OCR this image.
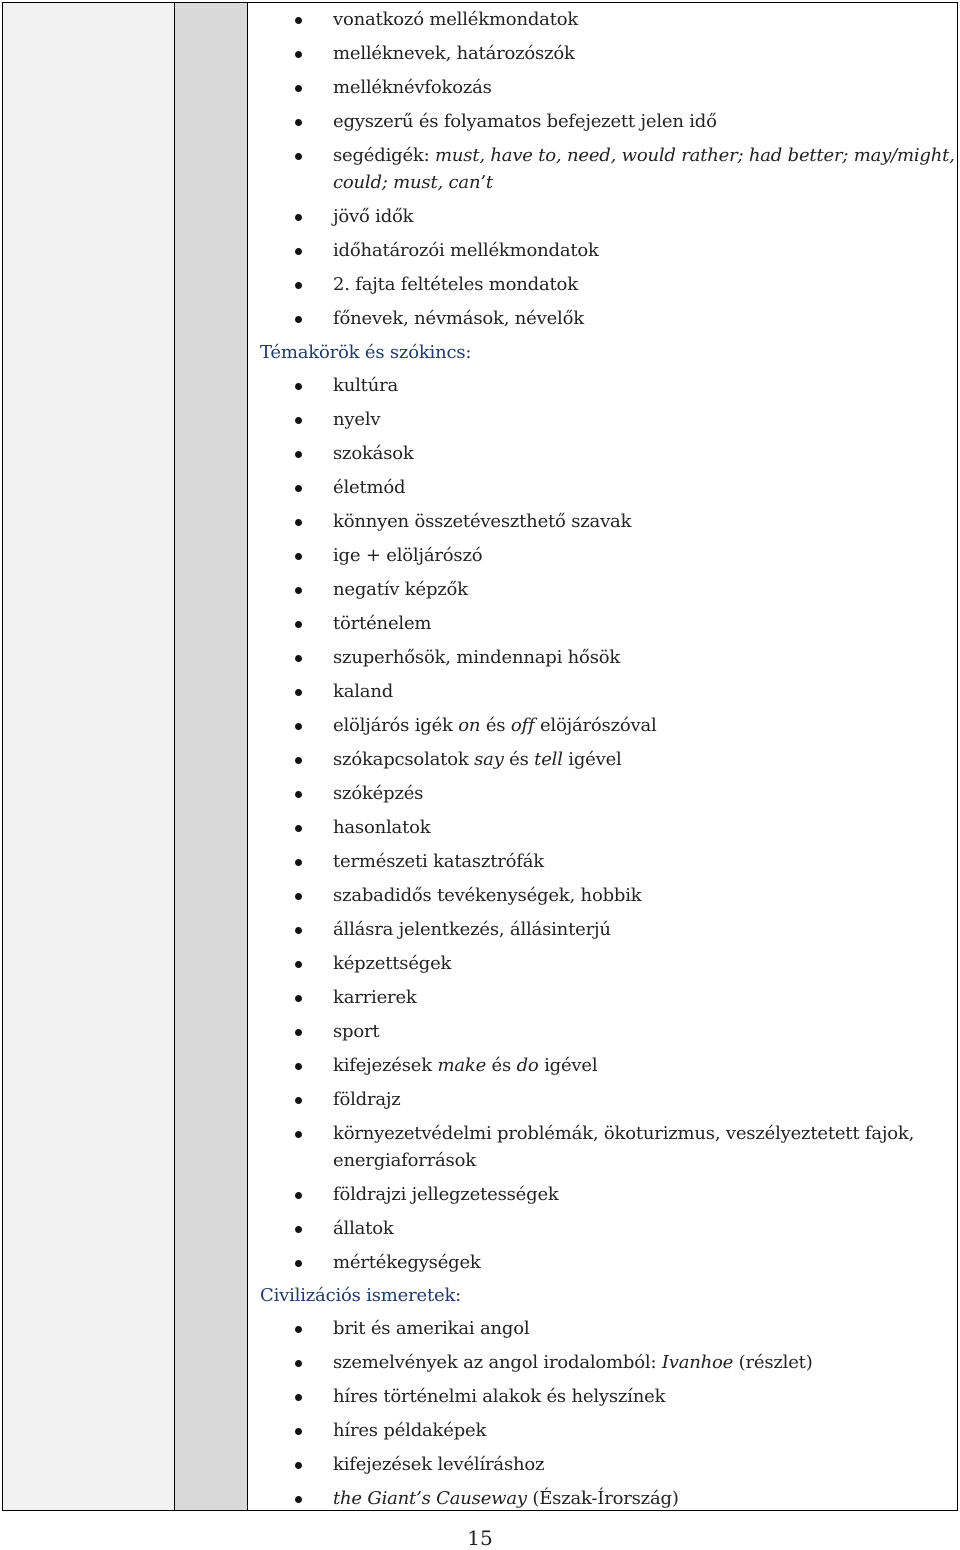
vonatkozó mellékmondatok
melléknevek, határozószók
melléknévfokozás
egyszerű és folyamatos befejezett jelen idő
segédigék: must, have to, need, would rather; had better; may/might,
could; must, can’t
jövő idők
időhatározói mellékmondatok
2. fajta feltételes mondatok
főnevek, névmások, névelők
Témakörök és szókincs:
kultúra
nyelv
szokások
életmód
könnyen összetéveszthető szavak
ige + elöljárószó
negatív képzők
történelem
szuperhősök, mindennapi hősök
kaland
elöljárós igék on és off elöjárószóval
szókapcsolatok say és tell igével
szóképzés
hasonlatok
természeti katasztrófák
szabadidős tevékenységek, hobbik
állásra jelentkezés, állásinterjú
képzettségek
karrierek
sport
kifejezések make és do igével
földrajz
környezetvédelmi problémák, ökoturizmus, veszélyeztetett fajok,
energiaforrások
földrajzi jellegzetességek
állatok
mértékegységek
Civilizációs ismeretek:
brit és amerikai angol
szemelvények az angol irodalomból: Ivanhoe (részlet)
híres történelmi alakok és helyszínek
híres példaképek
kifejezések levélíráshoz
the Giant’s Causeway (Észak-Írország)
15
